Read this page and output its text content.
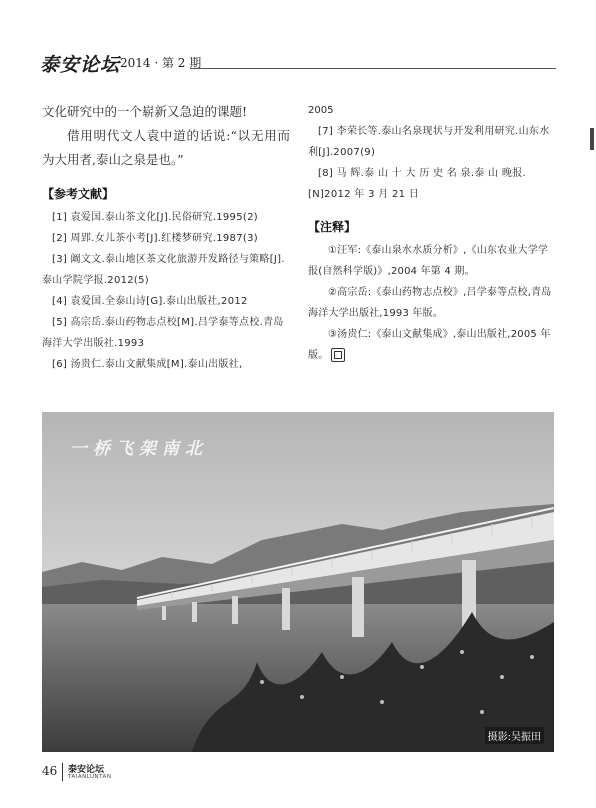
泰安论坛 2014 · 第 2 期

文化研究中的一个崭新又急迫的课题!

借用明代文人袁中道的话说:“以无用而为大用者,泰山之泉是也。”

【参考文献】

[1] 袁爱国.泰山茶文化[J].民俗研究.1995(2)

[2] 周郢.女儿茶小考[J].红楼梦研究.1987(3)

[3] 阚文文.泰山地区茶文化旅游开发路径与策略[J].泰山学院学报.2012(5)

[4] 袁爱国.全泰山诗[G].泰山出版社,2012

[5] 高宗岳.泰山药物志点校[M].吕学泰等点校.青岛海洋大学出版社.1993

[6] 汤贵仁.泰山文献集成[M].泰山出版社,

2005

[7] 李荣长等.泰山名泉现状与开发利用研究.山东水利[J].2007(9)

[8] 马 辉.泰 山 十 大 历 史 名 泉.泰 山 晚报.[N]2012 年 3 月 21 日

【注释】

①汪军:《泰山泉水水质分析》,《山东农业大学学报(自然科学版)》,2004 年第 4 期。

②高宗岳:《泰山药物志点校》,吕学泰等点校,青岛海洋大学出版社,1993 年版。

③汤贵仁:《泰山文献集成》,泰山出版社,2005 年版。

一桥飞架南北
摄影:吴振田
46 泰安论坛
TAIANLUNTAN
